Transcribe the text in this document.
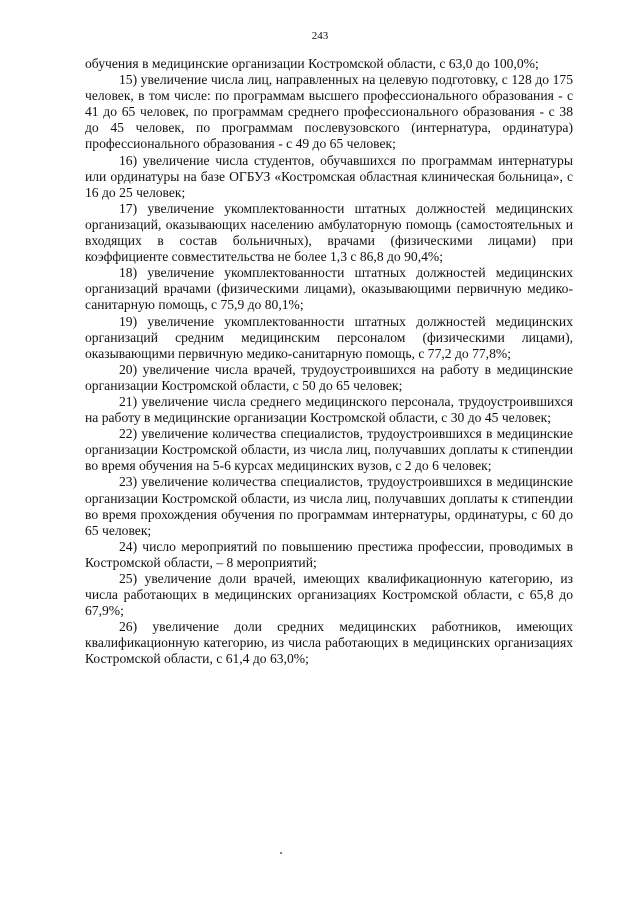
243

обучения в медицинские организации Костромской области, с 63,0 до 100,0%;

15) увеличение числа лиц, направленных на целевую подготовку, с 128 до 175 человек, в том числе: по программам высшего профессионального образования - с 41 до 65 человек, по программам среднего профессионального образования - с 38 до 45 человек, по программам послевузовского (интернатура, ординатура) профессионального образования - с 49 до 65 человек;

16) увеличение числа студентов, обучавшихся по программам интернатуры или ординатуры на базе ОГБУЗ «Костромская областная клиническая больница», с 16 до 25 человек;

17) увеличение укомплектованности штатных должностей медицинских организаций, оказывающих населению амбулаторную помощь (самостоятельных и входящих в состав больничных), врачами (физическими лицами) при коэффициенте совместительства не более 1,3 с 86,8 до 90,4%;

18) увеличение укомплектованности штатных должностей медицинских организаций врачами (физическими лицами), оказывающими первичную медико-санитарную помощь, с 75,9 до 80,1%;

19) увеличение укомплектованности штатных должностей медицинских организаций средним медицинским персоналом (физическими лицами), оказывающими первичную медико-санитарную помощь, с 77,2 до 77,8%;

20) увеличение числа врачей, трудоустроившихся на работу в медицинские организации Костромской области, с 50 до 65 человек;

21) увеличение числа среднего медицинского персонала, трудоустроившихся на работу в медицинские организации Костромской области, с 30 до 45 человек;

22) увеличение количества специалистов, трудоустроившихся в медицинские организации Костромской области, из числа лиц, получавших доплаты к стипендии во время обучения на 5-6 курсах медицинских вузов, с 2 до 6 человек;

23) увеличение количества специалистов, трудоустроившихся в медицинские организации Костромской области, из числа лиц, получавших доплаты к стипендии во время прохождения обучения по программам интернатуры, ординатуры, с 60 до 65 человек;

24) число мероприятий по повышению престижа профессии, проводимых в Костромской области, – 8 мероприятий;

25) увеличение доли врачей, имеющих квалификационную категорию, из числа работающих в медицинских организациях Костромской области, с 65,8 до 67,9%;

26) увеличение доли средних медицинских работников, имеющих квалификационную категорию, из числа работающих в медицинских организациях Костромской области, с 61,4 до 63,0%;
